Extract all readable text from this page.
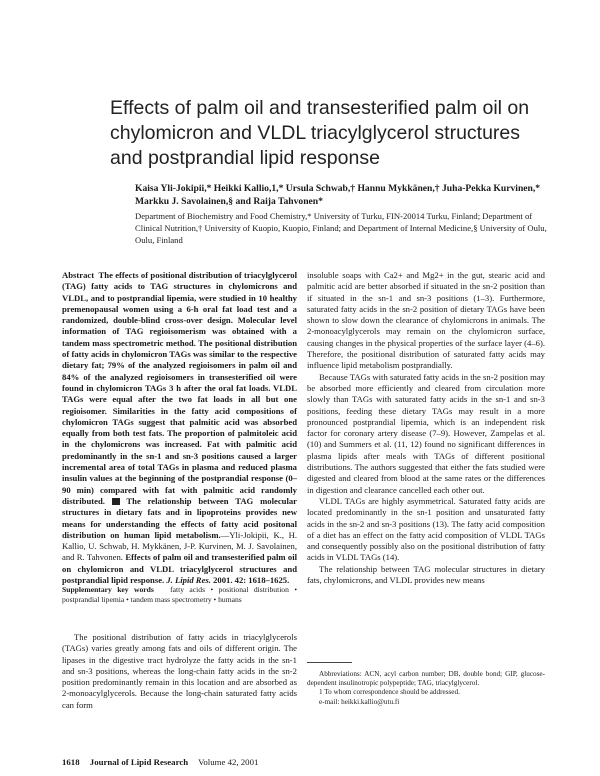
Effects of palm oil and transesterified palm oil on chylomicron and VLDL triacylglycerol structures and postprandial lipid response
Kaisa Yli-Jokipii,* Heikki Kallio,1,* Ursula Schwab,† Hannu Mykkänen,† Juha-Pekka Kurvinen,* Markku J. Savolainen,§ and Raija Tahvonen*
Department of Biochemistry and Food Chemistry,* University of Turku, FIN-20014 Turku, Finland; Department of Clinical Nutrition,† University of Kuopio, Kuopio, Finland; and Department of Internal Medicine,§ University of Oulu, Oulu, Finland
Abstract The effects of positional distribution of triacylglycerol (TAG) fatty acids to TAG structures in chylomicrons and VLDL, and to postprandial lipemia, were studied in 10 healthy premenopausal women using a 6-h oral fat load test and a randomized, double-blind cross-over design. Molecular level information of TAG regioisomerism was obtained with a tandem mass spectrometric method. The positional distribution of fatty acids in chylomicron TAGs was similar to the respective dietary fat; 79% of the analyzed regioisomers in palm oil and 84% of the analyzed regioisomers in transesterified oil were found in chylomicron TAGs 3 h after the oral fat loads. VLDL TAGs were equal after the two fat loads in all but one regioisomer. Similarities in the fatty acid compositions of chylomicron TAGs suggest that palmitic acid was absorbed equally from both test fats. The proportion of palmitoleic acid in the chylomicrons was increased. Fat with palmitic acid predominantly in the sn-1 and sn-3 positions caused a larger incremental area of total TAGs in plasma and reduced plasma insulin values at the beginning of the postprandial response (0–90 min) compared with fat with palmitic acid randomly distributed. The relationship between TAG molecular structures in dietary fats and in lipoproteins provides new means for understanding the effects of fatty acid positonal distribution on human lipid metabolism.—Yli-Jokipii, K., H. Kallio, U. Schwab, H. Mykkänen, J-P. Kurvinen, M. J. Savolainen, and R. Tahvonen. Effects of palm oil and transesterified palm oil on chylomicron and VLDL triacylglycerol structures and postprandial lipid response. J. Lipid Res. 2001. 42: 1618–1625.
Supplementary key words fatty acids • positional distribution • postprandial lipemia • tandem mass spectrometry • humans

The positional distribution of fatty acids in triacylglycerols (TAGs) varies greatly among fats and oils of different origin. The lipases in the digestive tract hydrolyze the fatty acids in the sn-1 and sn-3 positions, whereas the long-chain fatty acids in the sn-2 position predominantly remain in this location and are absorbed as 2-monoacylglycerols. Because the long-chain saturated fatty acids can form

insoluble soaps with Ca2+ and Mg2+ in the gut, stearic acid and palmitic acid are better absorbed if situated in the sn-2 position than if situated in the sn-1 and sn-3 positions (1–3). Furthermore, saturated fatty acids in the sn-2 position of dietary TAGs have been shown to slow down the clearance of chylomicrons in animals. The 2-monoacylglycerols may remain on the chylomicron surface, causing changes in the physical properties of the surface layer (4–6). Therefore, the positional distribution of saturated fatty acids may influence lipid metabolism postprandially.

Because TAGs with saturated fatty acids in the sn-2 position may be absorbed more efficiently and cleared from circulation more slowly than TAGs with saturated fatty acids in the sn-1 and sn-3 positions, feeding these dietary TAGs may result in a more pronounced postprandial lipemia, which is an independent risk factor for coronary artery disease (7–9). However, Zampelas et al. (10) and Summers et al. (11, 12) found no significant differences in plasma lipids after meals with TAGs of different positional distributions. The authors suggested that either the fats studied were digested and cleared from blood at the same rates or the differences in digestion and clearance cancelled each other out.

VLDL TAGs are highly asymmetrical. Saturated fatty acids are located predominantly in the sn-1 position and unsaturated fatty acids in the sn-2 and sn-3 positions (13). The fatty acid composition of a diet has an effect on the fatty acid composition of VLDL TAGs and consequently possibly also on the positional distribution of fatty acids in VLDL TAGs (14).

The relationship between TAG molecular structures in dietary fats, chylomicrons, and VLDL provides new means

Abbreviations: ACN, acyl carbon number; DB, double bond; GIP, glucose-dependent insulinotropic polypeptide; TAG, triacylglycerol.

1 To whom correspondence should be addressed.

e-mail: heikki.kallio@utu.fi

1618 Journal of Lipid Research Volume 42, 2001
